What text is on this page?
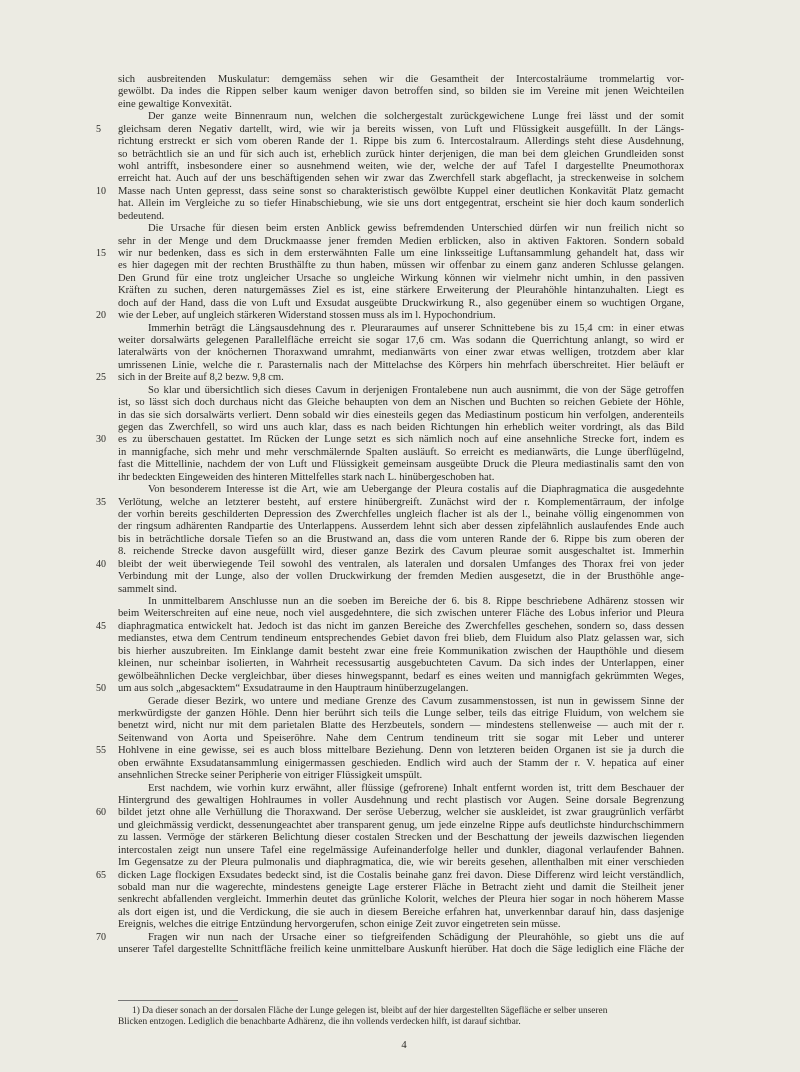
sich ausbreitenden Muskulatur: demgemäss sehen wir die Gesamtheit der Intercostalräume trommelartig vor-
gewölbt. Da indes die Rippen selber kaum weniger davon betroffen sind, so bilden sie im Vereine mit jenen Weichteilen
eine gewaltige Konvexität.
Der ganze weite Binnenraum nun, welchen die solchergestalt zurückgewichene Lunge frei lässt und der somit
gleichsam deren Negativ dartellt, wird, wie wir ja bereits wissen, von Luft und Flüssigkeit ausgefüllt. In der Längs-
5
richtung erstreckt er sich vom oberen Rande der 1. Rippe bis zum 6. Intercostalraum. Allerdings steht diese Ausdehnung,
so beträchtlich sie an und für sich auch ist, erheblich zurück hinter derjenigen, die man bei dem gleichen Grundleiden sonst
wohl antrifft, insbesondere einer so ausnehmend weiten, wie der, welche der auf Tafel I dargestellte Pneumothorax
erreicht hat. Auch auf der uns beschäftigenden sehen wir zwar das Zwerchfell stark abgeflacht, ja streckenweise in solchem
Masse nach Unten gepresst, dass seine sonst so charakteristisch gewölbte Kuppel einer deutlichen Konkavität Platz gemacht
10
hat. Allein im Vergleiche zu so tiefer Hinabschiebung, wie sie uns dort entgegentrat, erscheint sie hier doch kaum sonderlich
bedeutend.
Die Ursache für diesen beim ersten Anblick gewiss befremdenden Unterschied dürfen wir nun freilich nicht so
sehr in der Menge und dem Druckmaasse jener fremden Medien erblicken, also in aktiven Faktoren. Sondern sobald
wir nur bedenken, dass es sich in dem ersterwähnten Falle um eine linksseitige Luftansammlung gehandelt hat, dass wir
15
es hier dagegen mit der rechten Brusthälfte zu thun haben, müssen wir offenbar zu einem ganz anderen Schlusse gelangen.
Den Grund für eine trotz ungleicher Ursache so ungleiche Wirkung können wir vielmehr nicht umhin, in den passiven
Kräften zu suchen, deren naturgemässes Ziel es ist, eine stärkere Erweiterung der Pleurahöhle hintanzuhalten. Liegt es
doch auf der Hand, dass die von Luft und Exsudat ausgeübte Druckwirkung R., also gegenüber einem so wuchtigen Organe,
wie der Leber, auf ungleich stärkeren Widerstand stossen muss als im l. Hypochondrium.
20
Immerhin beträgt die Längsausdehnung des r. Pleuraraumes auf unserer Schnittebene bis zu 15,4 cm: in einer etwas
weiter dorsalwärts gelegenen Parallelfläche erreicht sie sogar 17,6 cm. Was sodann die Querrichtung anlangt, so wird er
lateralwärts von der knöchernen Thoraxwand umrahmt, medianwärts von einer zwar etwas welligen, trotzdem aber klar
umrissenen Linie, welche die r. Parasternalis nach der Mittelachse des Körpers hin mehrfach überschreitet. Hier beläuft er
sich in der Breite auf 8,2 bezw. 9,8 cm.
25
So klar und übersichtlich sich dieses Cavum in derjenigen Frontalebene nun auch ausnimmt, die von der Säge getroffen
ist, so lässt sich doch durchaus nicht das Gleiche behaupten von dem an Nischen und Buchten so reichen Gebiete der Höhle,
in das sie sich dorsalwärts verliert. Denn sobald wir dies einesteils gegen das Mediastinum posticum hin verfolgen, anderenteils
gegen das Zwerchfell, so wird uns auch klar, dass es nach beiden Richtungen hin erheblich weiter vordringt, als das Bild
es zu überschauen gestattet. Im Rücken der Lunge setzt es sich nämlich noch auf eine ansehnliche Strecke fort, indem es
30
in mannigfache, sich mehr und mehr verschmälernde Spalten ausläuft. So erreicht es medianwärts, die Lunge überflügelnd,
fast die Mittellinie, nachdem der von Luft und Flüssigkeit gemeinsam ausgeübte Druck die Pleura mediastinalis samt den von
ihr bedeckten Eingeweiden des hinteren Mittelfelles stark nach L. hinübergeschoben hat.
Von besonderem Interesse ist die Art, wie am Uebergange der Pleura costalis auf die Diaphragmatica die ausgedehnte
Verlötung, welche an letzterer besteht, auf erstere hinübergreift. Zunächst wird der r. Komplementärraum, der infolge
35
der vorhin bereits geschilderten Depression des Zwerchfelles ungleich flacher ist als der l., beinahe völlig eingenommen von
der ringsum adhärenten Randpartie des Unterlappens. Ausserdem lehnt sich aber dessen zipfelähnlich auslaufendes Ende auch
bis in beträchtliche dorsale Tiefen so an die Brustwand an, dass die vom unteren Rande der 6. Rippe bis zum oberen der
8. reichende Strecke davon ausgefüllt wird, dieser ganze Bezirk des Cavum pleurae somit ausgeschaltet ist. Immerhin
bleibt der weit überwiegende Teil sowohl des ventralen, als lateralen und dorsalen Umfanges des Thorax frei von jeder
40
Verbindung mit der Lunge, also der vollen Druckwirkung der fremden Medien ausgesetzt, die in der Brusthöhle ange-
sammelt sind.
In unmittelbarem Anschlusse nun an die soeben im Bereiche der 6. bis 8. Rippe beschriebene Adhärenz stossen wir
beim Weiterschreiten auf eine neue, noch viel ausgedehntere, die sich zwischen unterer Fläche des Lobus inferior und Pleura
diaphragmatica entwickelt hat. Jedoch ist das nicht im ganzen Bereiche des Zwerchfelles geschehen, sondern so, dass dessen
45
medianstes, etwa dem Centrum tendineum entsprechendes Gebiet davon frei blieb, dem Fluidum also Platz gelassen war, sich
bis hierher auszubreiten. Im Einklange damit besteht zwar eine freie Kommunikation zwischen der Haupthöhle und diesem
kleinen, nur scheinbar isolierten, in Wahrheit recessusartig ausgebuchteten Cavum. Da sich indes der Unterlappen, einer
gewölbeähnlichen Decke vergleichbar, über dieses hinwegspannt, bedarf es eines weiten und mannigfach gekrümmten Weges,
um aus solch „abgesacktem“ Exsudatraume in den Hauptraum hinüberzugelangen.
50
Gerade dieser Bezirk, wo untere und mediane Grenze des Cavum zusammenstossen, ist nun in gewissem Sinne der
merkwürdigste der ganzen Höhle. Denn hier berührt sich teils die Lunge selber, teils das eitrige Fluidum, von welchem sie
benetzt wird, nicht nur mit dem parietalen Blatte des Herzbeutels, sondern — mindestens stellenweise — auch mit der r.
Seitenwand von Aorta und Speiseröhre. Nahe dem Centrum tendineum tritt sie sogar mit Leber und unterer
Hohlvene in eine gewisse, sei es auch bloss mittelbare Beziehung. Denn von letzteren beiden Organen ist sie ja durch die
55
oben erwähnte Exsudatansammlung einigermassen geschieden. Endlich wird auch der Stamm der r. V. hepatica auf einer
ansehnlichen Strecke seiner Peripherie von eitriger Flüssigkeit umspült.
Erst nachdem, wie vorhin kurz erwähnt, aller flüssige (gefrorene) Inhalt entfernt worden ist, tritt dem Beschauer der
Hintergrund des gewaltigen Hohlraumes in voller Ausdehnung und recht plastisch vor Augen. Seine dorsale Begrenzung
bildet jetzt ohne alle Verhüllung die Thoraxwand. Der seröse Ueberzug, welcher sie auskleidet, ist zwar graugrünlich verfärbt
60
und gleichmässig verdickt, dessenungeachtet aber transparent genug, um jede einzelne Rippe aufs deutlichste hindurchschimmern
zu lassen. Vermöge der stärkeren Belichtung dieser costalen Strecken und der Beschattung der jeweils dazwischen liegenden
intercostalen zeigt nun unsere Tafel eine regelmässige Aufeinanderfolge heller und dunkler, diagonal verlaufender Bahnen.
Im Gegensatze zu der Pleura pulmonalis und diaphragmatica, die, wie wir bereits gesehen, allenthalben mit einer verschieden
dicken Lage flockigen Exsudates bedeckt sind, ist die Costalis beinahe ganz frei davon. Diese Differenz wird leicht verständlich,
65
sobald man nur die wagerechte, mindestens geneigte Lage ersterer Fläche in Betracht zieht und damit die Steilheit jener
senkrecht abfallenden vergleicht. Immerhin deutet das grünliche Kolorit, welches der Pleura hier sogar in noch höherem Masse
als dort eigen ist, und die Verdickung, die sie auch in diesem Bereiche erfahren hat, unverkennbar darauf hin, dass dasjenige
Ereignis, welches die eitrige Entzündung hervorgerufen, schon einige Zeit zuvor eingetreten sein müsse.
Fragen wir nun nach der Ursache einer so tiefgreifenden Schädigung der Pleurahöhle, so giebt uns die auf
70
unserer Tafel dargestellte Schnittfläche freilich keine unmittelbare Auskunft hierüber. Hat doch die Säge lediglich eine Fläche der
1) Da dieser sonach an der dorsalen Fläche der Lunge gelegen ist, bleibt auf der hier dargestellten Sägefläche er selber unseren
Blicken entzogen. Lediglich die benachbarte Adhärenz, die ihn vollends verdecken hilft, ist darauf sichtbar.
4
